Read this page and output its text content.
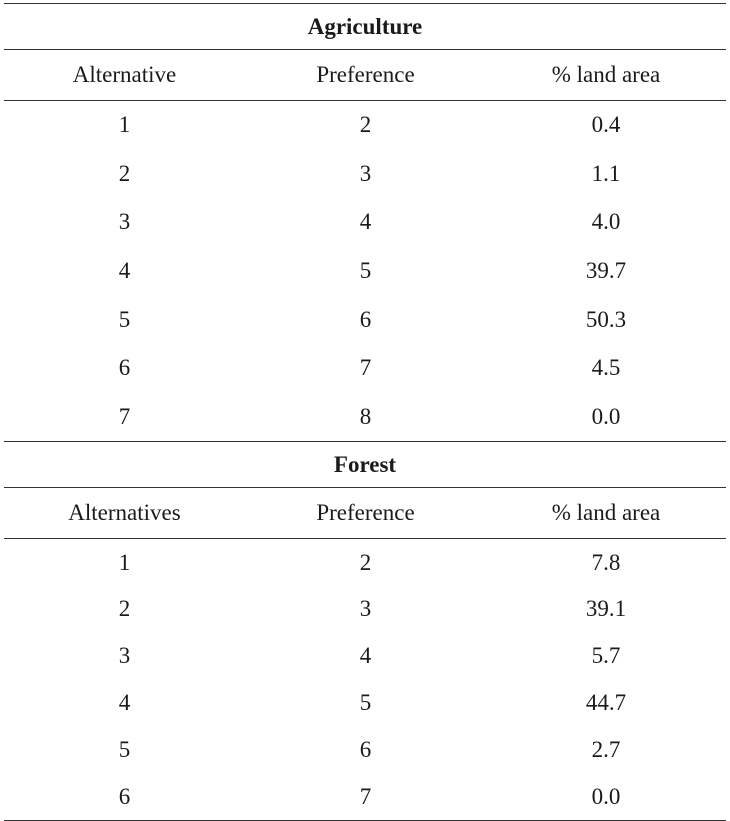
Agriculture		
Alternative	Preference	% land area
1	2	0.4
2	3	1.1
3	4	4.0
4	5	39.7
5	6	50.3
6	7	4.5
7	8	0.0
Forest		
Alternatives	Preference	% land area
1	2	7.8
2	3	39.1
3	4	5.7
4	5	44.7
5	6	2.7
6	7	0.0
